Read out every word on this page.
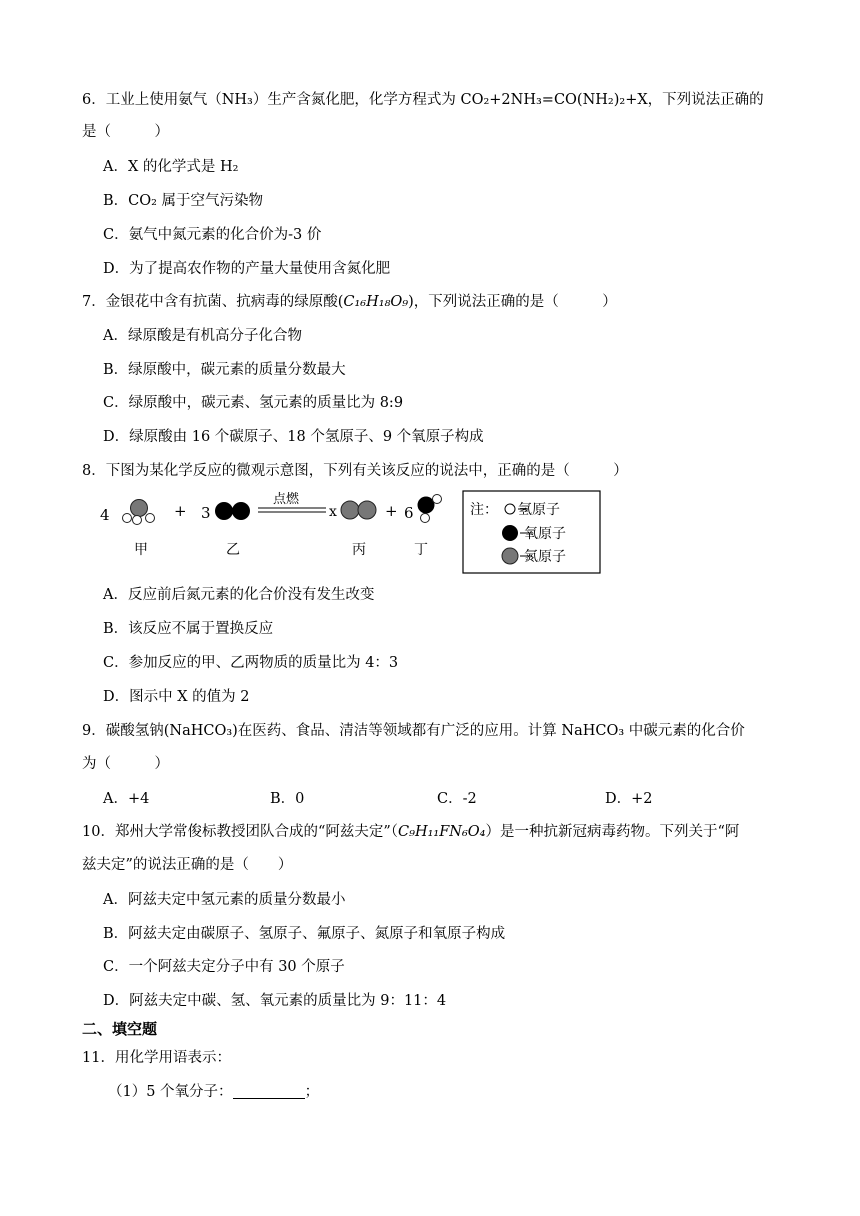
6．工业上使用氨气（NH₃）生产含氮化肥，化学方程式为 CO₂+2NH₃=CO(NH₂)₂+X，下列说法正确的
是（　　　）
A．X 的化学式是 H₂
B．CO₂ 属于空气污染物
C．氨气中氮元素的化合价为-3 价
D．为了提高农作物的产量大量使用含氮化肥
7．金银花中含有抗菌、抗病毒的绿原酸(C₁₆H₁₈O₉)，下列说法正确的是（　　　）
A．绿原酸是有机高分子化合物
B．绿原酸中，碳元素的质量分数最大
C．绿原酸中，碳元素、氢元素的质量比为 8:9
D．绿原酸由 16 个碳原子、18 个氢原子、9 个氧原子构成
8．下图为某化学反应的微观示意图，下列有关该反应的说法中，正确的是（　　　）
4	+ 3
点燃
x	+ 6
甲	乙	丙	丁
注： 氢原子
氧原子
氮原子
A．反应前后氮元素的化合价没有发生改变
B．该反应不属于置换反应
C．参加反应的甲、乙两物质的质量比为 4：3
D．图示中 X 的值为 2
9．碳酸氢钠(NaHCO₃)在医药、食品、清洁等领域都有广泛的应用。计算 NaHCO₃ 中碳元素的化合价
为（　　　）
A．+4	B．0	C．-2	D．+2
10．郑州大学常俊标教授团队合成的“阿兹夫定”（C₉H₁₁FN₆O₄）是一种抗新冠病毒药物。下列关于“阿
兹夫定”的说法正确的是（　　）
A．阿兹夫定中氢元素的质量分数最小
B．阿兹夫定由碳原子、氢原子、氟原子、氮原子和氧原子构成
C．一个阿兹夫定分子中有 30 个原子
D．阿兹夫定中碳、氢、氧元素的质量比为 9：11：4
二、填空题
11．用化学用语表示：
（1）5 个氧分子：	；
